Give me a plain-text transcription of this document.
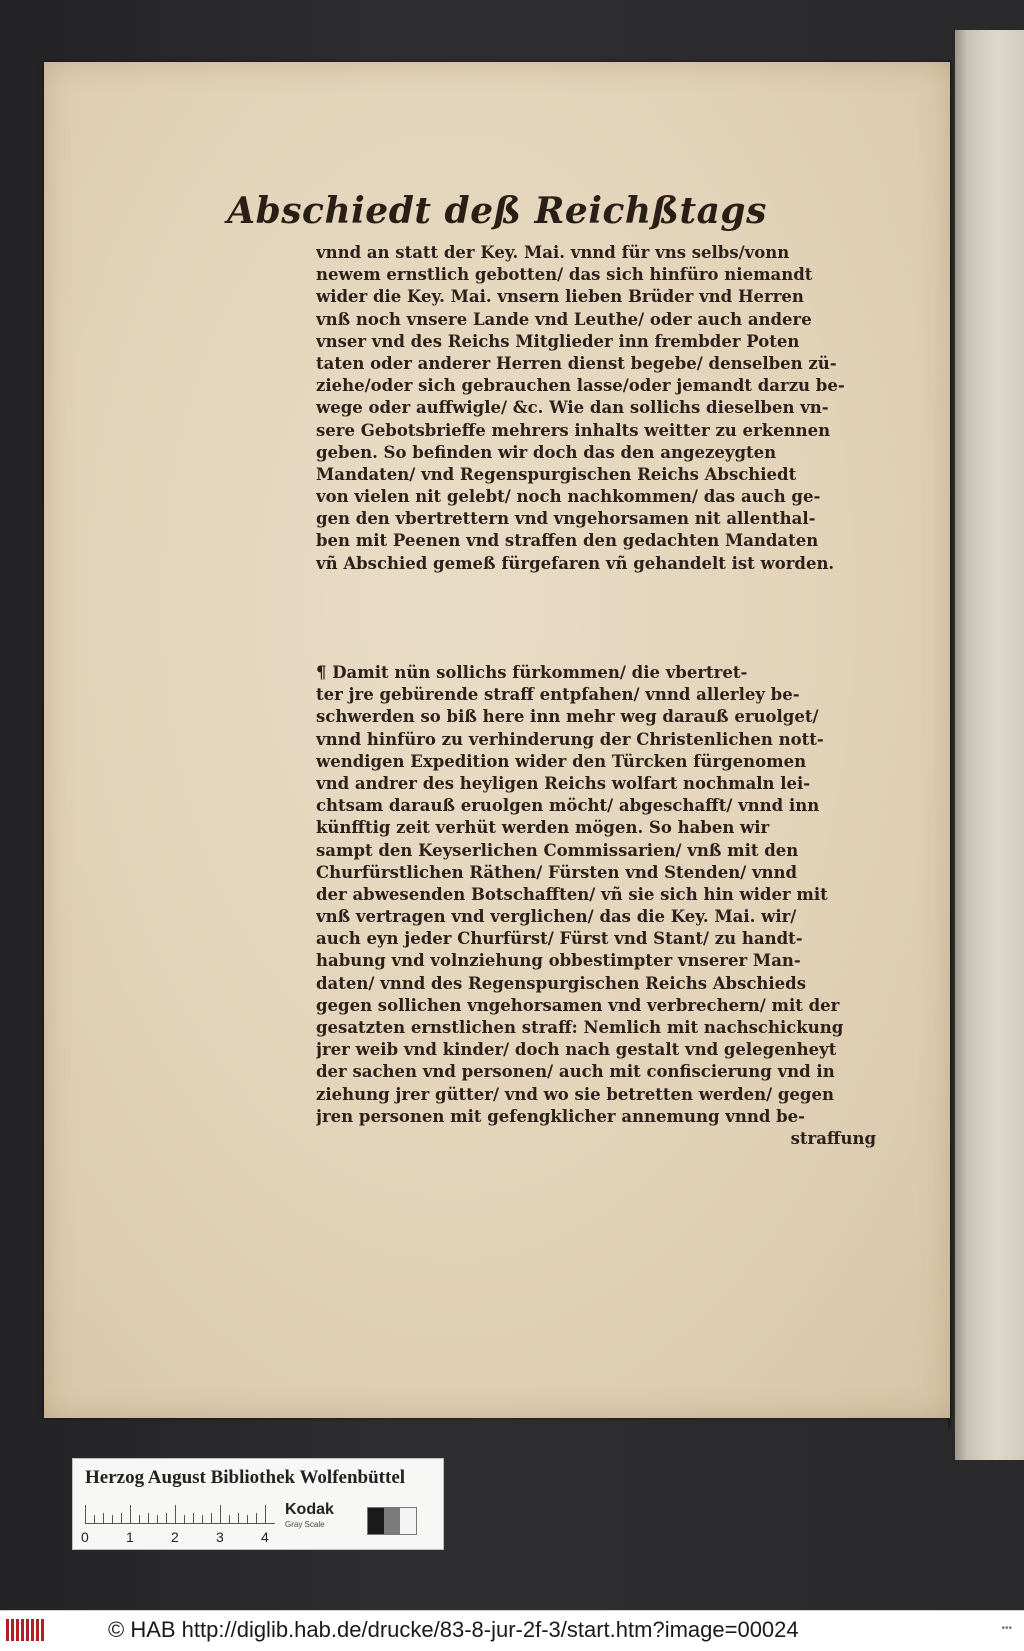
Abschiedt deß Reichßtags
vnnd an statt der Key. Mai. vnnd für vns selbs/vonn
newem ernstlich gebotten/ das sich hinfüro niemandt
wider die Key. Mai. vnsern lieben Brüder vnd Herren
vnß noch vnsere Lande vnd Leuthe/ oder auch andere
vnser vnd des Reichs Mitglieder inn frembder Poten
taten oder anderer Herren dienst begebe/ denselben zü-
ziehe/oder sich gebrauchen lasse/oder jemandt darzu be-
wege oder auffwigle/ &c. Wie dan sollichs dieselben vn-
sere Gebotsbrieffe mehrers inhalts weitter zu erkennen
geben. So befinden wir doch das den angezeygten
Mandaten/ vnd Regenspurgischen Reichs Abschiedt
von vielen nit gelebt/ noch nachkommen/ das auch ge-
gen den vbertrettern vnd vngehorsamen nit allenthal-
ben mit Peenen vnd straffen den gedachten Mandaten
vñ Abschied gemeß fürgefaren vñ gehandelt ist worden.
¶ Damit nün sollichs fürkommen/ die vbertret-
ter jre gebürende straff entpfahen/ vnnd allerley be-
schwerden so biß here inn mehr weg darauß eruolget/
vnnd hinfüro zu verhinderung der Christenlichen nott-
wendigen Expedition wider den Türcken fürgenomen
vnd andrer des heyligen Reichs wolfart nochmaln lei-
chtsam darauß eruolgen möcht/ abgeschafft/ vnnd inn
künfftig zeit verhüt werden mögen. So haben wir
sampt den Keyserlichen Commissarien/ vnß mit den
Churfürstlichen Räthen/ Fürsten vnd Stenden/ vnnd
der abwesenden Botschafften/ vñ sie sich hin wider mit
vnß vertragen vnd verglichen/ das die Key. Mai. wir/
auch eyn jeder Churfürst/ Fürst vnd Stant/ zu handt-
habung vnd volnziehung obbestimpter vnserer Man-
daten/ vnnd des Regenspurgischen Reichs Abschieds
gegen sollichen vngehorsamen vnd verbrechern/ mit der
gesatzten ernstlichen straff: Nemlich mit nachschickung
jrer weib vnd kinder/ doch nach gestalt vnd gelegenheyt
der sachen vnd personen/ auch mit confiscierung vnd in
ziehung jrer gütter/ vnd wo sie betretten werden/ gegen
jren personen mit gefengklicher annemung vnnd be-
straffung
Herzog August Bibliothek Wolfenbüttel
0	1	2	3	4
Kodak
Gray Scale
© HAB http://diglib.hab.de/drucke/83-8-jur-2f-3/start.htm?image=00024	•••
